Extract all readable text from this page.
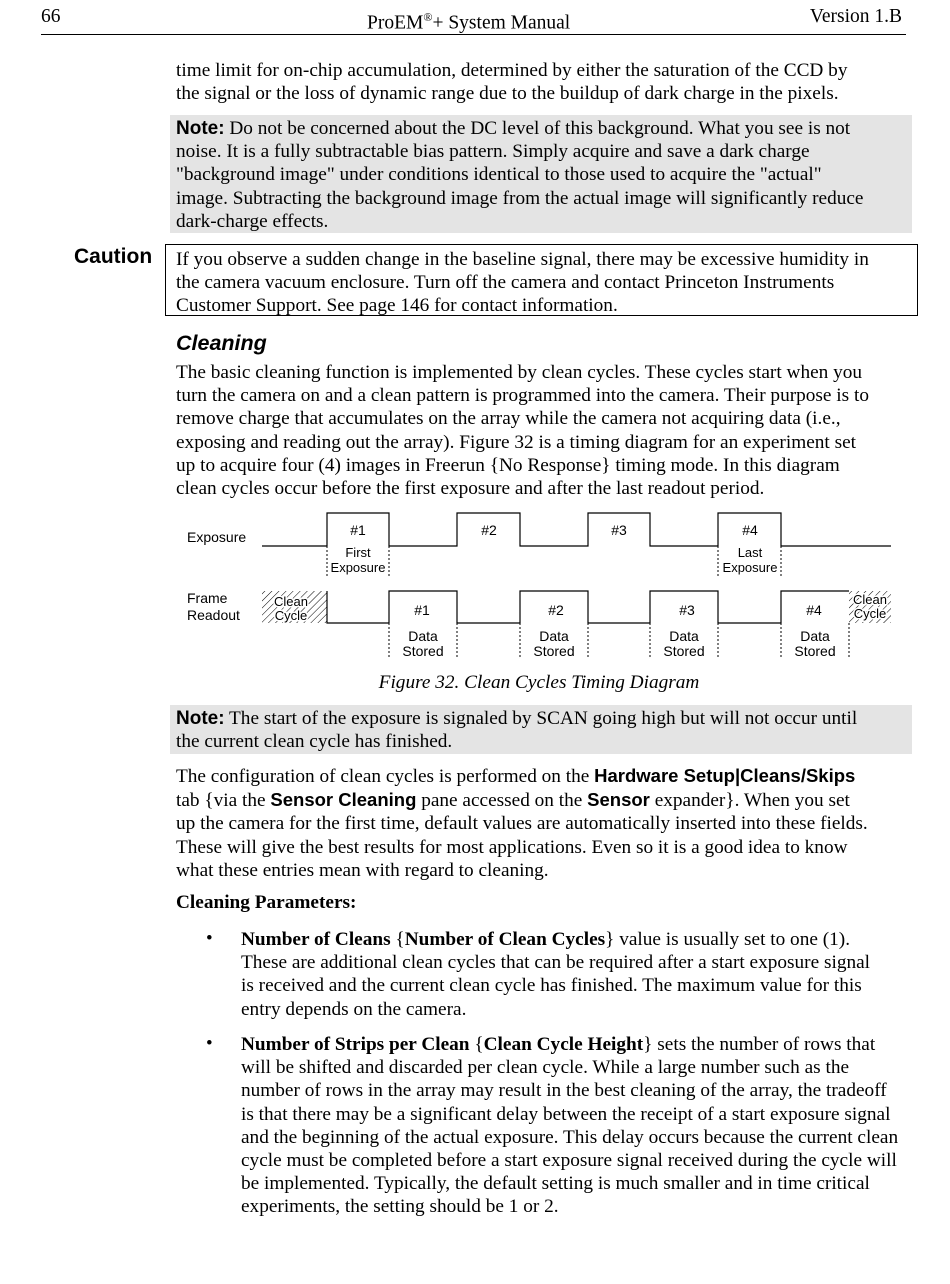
66	ProEM®+ System Manual	Version 1.B
time limit for on-chip accumulation, determined by either the saturation of the CCD by
the signal or the loss of dynamic range due to the buildup of dark charge in the pixels.
Note: Do not be concerned about the DC level of this background. What you see is not
noise. It is a fully subtractable bias pattern. Simply acquire and save a dark charge
"background image" under conditions identical to those used to acquire the "actual"
image. Subtracting the background image from the actual image will significantly reduce
dark-charge effects.
Caution If you observe a sudden change in the baseline signal, there may be excessive humidity in
the camera vacuum enclosure. Turn off the camera and contact Princeton Instruments
Customer Support. See page 146 for contact information.
Cleaning
The basic cleaning function is implemented by clean cycles. These cycles start when you
turn the camera on and a clean pattern is programmed into the camera. Their purpose is to
remove charge that accumulates on the array while the camera not acquiring data (i.e.,
exposing and reading out the array). Figure 32 is a timing diagram for an experiment set
up to acquire four (4) images in Freerun {No Response} timing mode. In this diagram
clean cycles occur before the first exposure and after the last readout period.
Exposure
Frame
Readout
#1	#2	#3	#4
First
Exposure
Last
Exposure
Clean
Cycle
Clean
Cycle
#1	#2	#3	#4
Data
Stored
Data
Stored
Data
Stored
Data
Stored
Figure 32. Clean Cycles Timing Diagram
Note: The start of the exposure is signaled by SCAN going high but will not occur until
the current clean cycle has finished.
The configuration of clean cycles is performed on the Hardware Setup|Cleans/Skips
tab {via the Sensor Cleaning pane accessed on the Sensor expander}. When you set
up the camera for the first time, default values are automatically inserted into these fields.
These will give the best results for most applications. Even so it is a good idea to know
what these entries mean with regard to cleaning.
Cleaning Parameters:
• Number of Cleans {Number of Clean Cycles} value is usually set to one (1).
These are additional clean cycles that can be required after a start exposure signal
is received and the current clean cycle has finished. The maximum value for this
entry depends on the camera.
• Number of Strips per Clean {Clean Cycle Height} sets the number of rows that
will be shifted and discarded per clean cycle. While a large number such as the
number of rows in the array may result in the best cleaning of the array, the tradeoff
is that there may be a significant delay between the receipt of a start exposure signal
and the beginning of the actual exposure. This delay occurs because the current clean
cycle must be completed before a start exposure signal received during the cycle will
be implemented. Typically, the default setting is much smaller and in time critical
experiments, the setting should be 1 or 2.
